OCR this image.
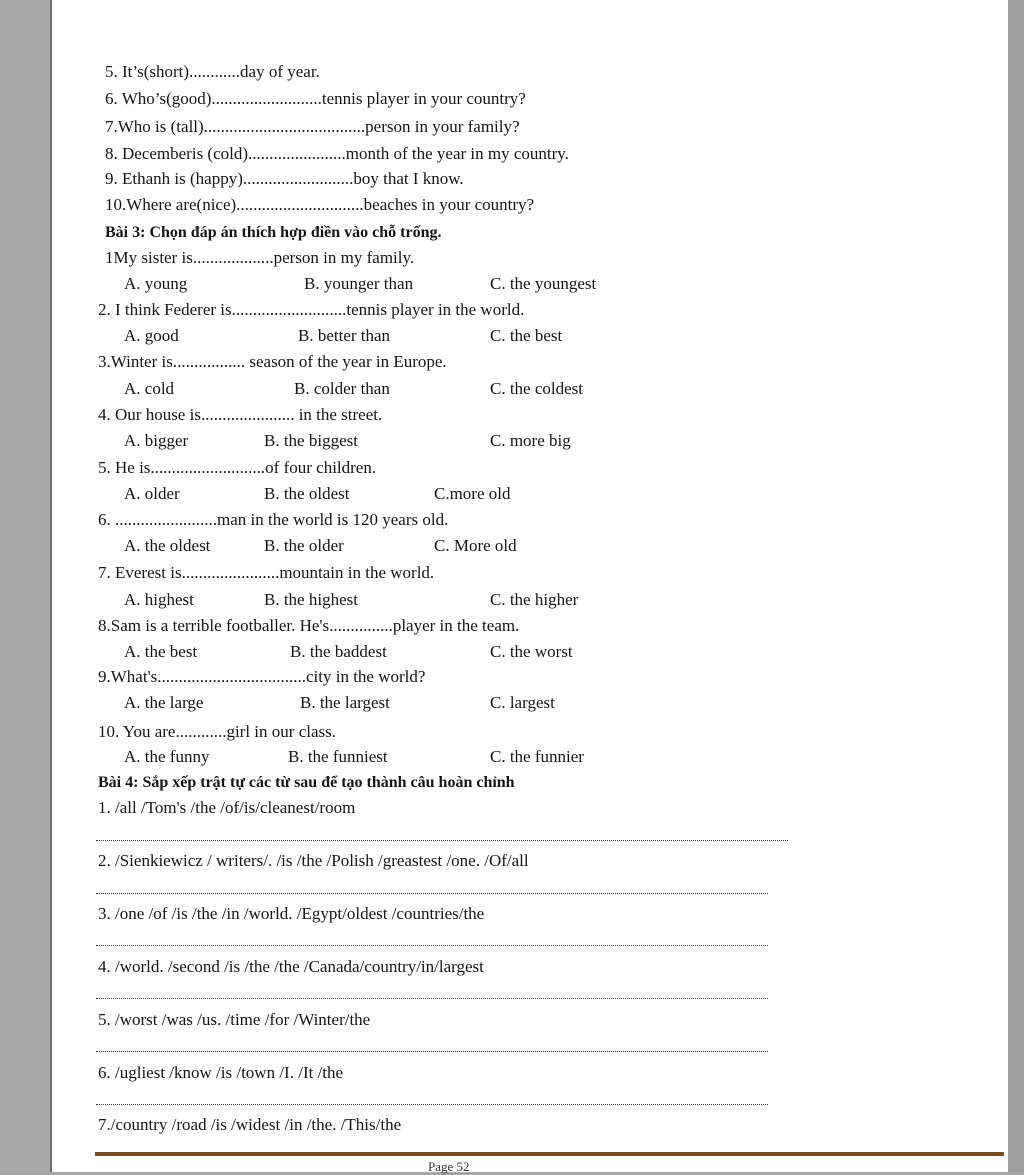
5. It’s(short)............day of year.
6. Who’s(good)..........................tennis player in your country?
7.Who is (tall)......................................person in your family?
8. Decemberis (cold).......................month of the year in my country.
9. Ethanh is (happy)..........................boy that I know.
10.Where are(nice)..............................beaches in your country?
Bài 3: Chọn đáp án thích hợp điền vào chỗ trống.
1My sister is...................person in my family.
A. young	B. younger than	C. the youngest
2. I think Federer is...........................tennis player in the world.
A. good	B. better than	C. the best
3.Winter is................. season of the year in Europe.
A. cold	B. colder than	C. the coldest
4. Our house is...................... in the street.
A. bigger	B. the biggest	C. more big
5. He is...........................of four children.
A. older	B. the oldest	C.more old
6. ........................man in the world is 120 years old.
A. the oldest	B. the older	C. More old
7. Everest is.......................mountain in the world.
A. highest	B. the highest	C. the higher
8.Sam is a terrible footballer. He's...............player in the team.
A. the best	B. the baddest	C. the worst
9.What's...................................city in the world?
A. the large	B. the largest	C. largest
10. You are............girl in our class.
A. the funny	B. the funniest	C. the funnier
Bài 4: Sắp xếp trật tự các từ sau để tạo thành câu hoàn chỉnh
1. /all /Tom's /the /of/is/cleanest/room
2. /Sienkiewicz / writers/. /is /the /Polish /greastest /one. /Of/all
3. /one /of /is /the /in /world. /Egypt/oldest /countries/the
4. /world. /second /is /the /the /Canada/country/in/largest
5. /worst /was /us. /time /for /Winter/the
6. /ugliest /know /is /town /I. /It /the
7./country /road /is /widest /in /the. /This/the
Page 52
